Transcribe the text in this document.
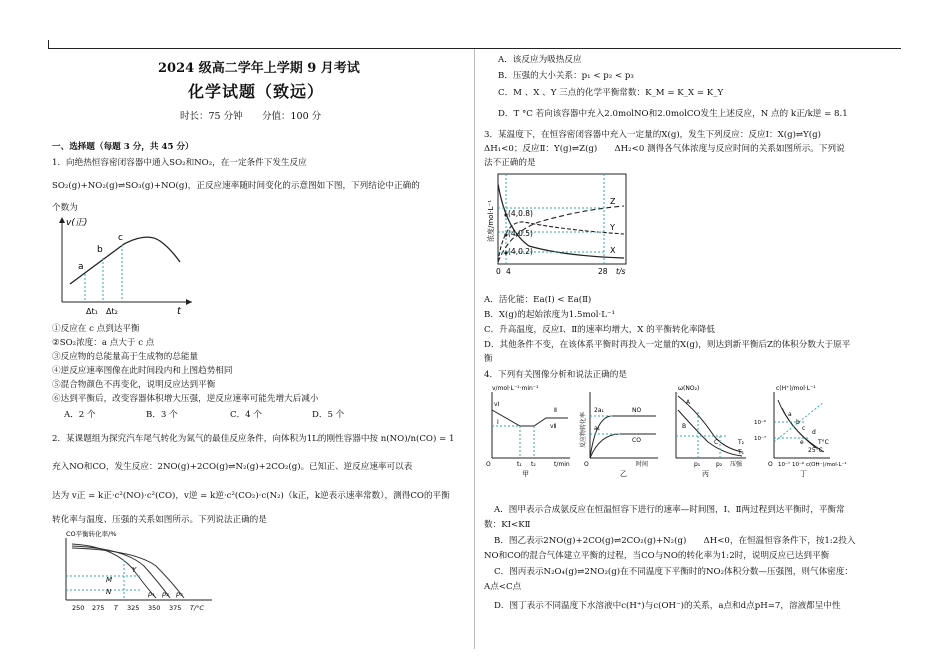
2024 级高二学年上学期 9 月考试
化学试题（致远）
时长：75 分钟 分值：100 分
一、选择题（每题 3 分，共 45 分）
1．向绝热恒容密闭容器中通入SO₂和NO₂，在一定条件下发生反应
SO₂(g)+NO₂(g)⇌SO₃(g)+NO(g)，正反应速率随时间变化的示意图如下图，下列结论中正确的
个数为
v(正)
t
a
b
c
Δt₁ Δt₂
①反应在 c 点到达平衡
②SO₂浓度：a 点大于 c 点
③反应物的总能量高于生成物的总能量
④逆反应速率图像在此时间段内和上图趋势相同
⑤混合物颜色不再变化，说明反应达到平衡
⑥达到平衡后，改变容器体积增大压强，逆反应速率可能先增大后减小
A．2 个	B．3 个	C．4 个	D．5 个
2．某课题组为探究汽车尾气转化为氮气的最佳反应条件，向体积为1L的刚性容器中按 n(NO)/n(CO) = 1
充入NO和CO，发生反应：2NO(g)+2CO(g)⇌N₂(g)+2CO₂(g)。已知正、逆反应速率可以表
达为 v正 = k正·c²(NO)·c²(CO)，v逆 = k逆·c²(CO₂)·c(N₂)（k正，k逆表示速率常数），测得CO的平衡
转化率与温度、压强的关系如图所示。下列说法正确的是
CO平衡转化率/%
M
N
Y
p₁ p₂ p₃
250 275 T 325 350 375 T/°C
A．该反应为吸热反应
B．压强的大小关系：p₁ < p₂ < p₃
C．M 、X 、Y 三点的化学平衡常数：K_M = K_X = K_Y
D．T °C 若向该容器中充入2.0molNO和2.0molCO发生上述反应，N 点的 k正/k逆 = 8.1
3．某温度下，在恒容密闭容器中充入一定量的X(g)，发生下列反应：反应Ⅰ：X(g)⇌Y(g)
ΔH₁<0；反应Ⅱ：Y(g)⇌Z(g)　　ΔH₂<0 测得各气体浓度与反应时间的关系如图所示。下列说
法不正确的是
(4,0.8)
(4,0.5)
(4,0.2)
Z
Y
X
0 4	28 t/s
浓度/mol·L⁻¹
A．活化能：Ea(Ⅰ) < Ea(Ⅱ)
B．X(g)的起始浓度为1.5mol·L⁻¹
C．升高温度，反应Ⅰ、Ⅱ的速率均增大，X 的平衡转化率降低
D．其他条件不变，在该体系平衡时再投入一定量的X(g)，则达到新平衡后Z的体积分数大于原平
衡
4．下列有关图像分析和说法正确的是
v/mol·L⁻¹·min⁻¹
vⅠ
Ⅰ
Ⅱ
vⅡ
t₁ t₂	t/min
O
甲
反应物转化率
2a₁
a₁
NO
CO
O	时间
乙
ω(NO₂)
A
B
C	T₂
T₁
p₁	p₂ 压强
丙
c(H⁺)/mol·L⁻¹
10⁻⁶
10⁻⁷
a
b
c
d
e T°C
25°C
O 10⁻⁷ 10⁻⁶ c(OH⁻)/mol·L⁻¹
丁
A．图甲表示合成氨反应在恒温恒容下进行的速率—时间图，Ⅰ、Ⅱ两过程到达平衡时，平衡常
数：KⅠ<KⅡ
B．图乙表示2NO(g)+2CO(g)⇌2CO₂(g)+N₂(g)　　ΔH<0，在恒温恒容条件下，按1:2投入
NO和CO的混合气体建立平衡的过程，当CO与NO的转化率为1:2时，说明反应已达到平衡
C．图丙表示N₂O₄(g)⇌2NO₂(g)在不同温度下平衡时的NO₂体积分数—压强图，则气体密度：
A点<C点
D．图丁表示不同温度下水溶液中c(H⁺)与c(OH⁻)的关系，a点和d点pH=7，溶液都呈中性
